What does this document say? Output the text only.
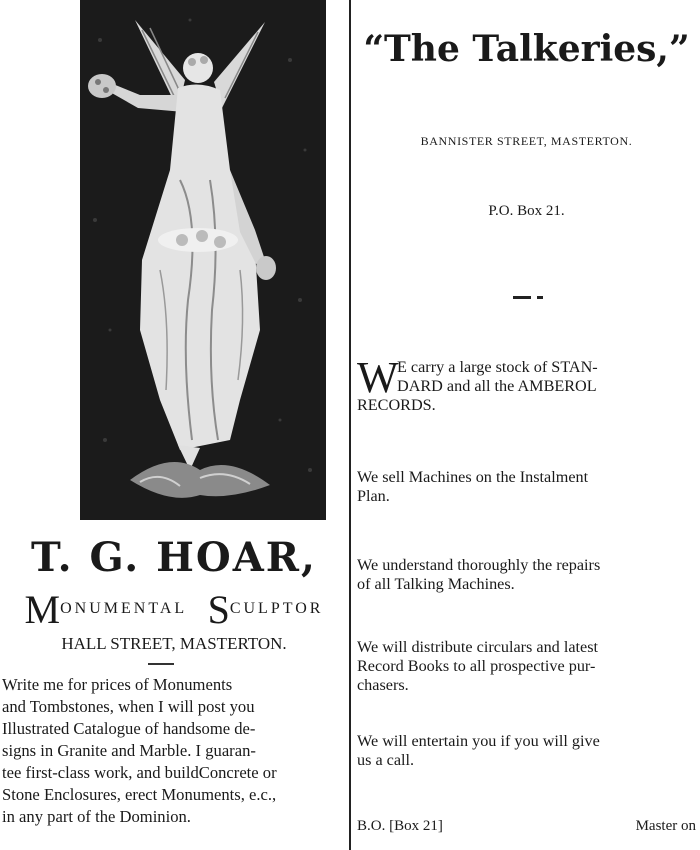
T. G. HOAR,
MONUMENTAL SCULPTOR
HALL STREET, MASTERTON.
Write me for prices of Monuments
and Tombstones, when I will post you
Illustrated Catalogue of handsome de-
signs in Granite and Marble. I guaran-
tee first-class work, and buildConcrete or
Stone Enclosures, erect Monuments, e.c.,
in any part of the Dominion.
“The Talkeries,”
BANNISTER STREET, MASTERTON.
P.O. Box 21.
W
E carry a large stock of STAN-
DARD and all the AMBEROL
RECORDS.
We sell Machines on the Instalment
Plan.
We understand thoroughly the repairs
of all Talking Machines.
We will distribute circulars and latest
Record Books to all prospective pur-
chasers.
We will entertain you if you will give
us a call.
B.O. [Box 21]	Master on
